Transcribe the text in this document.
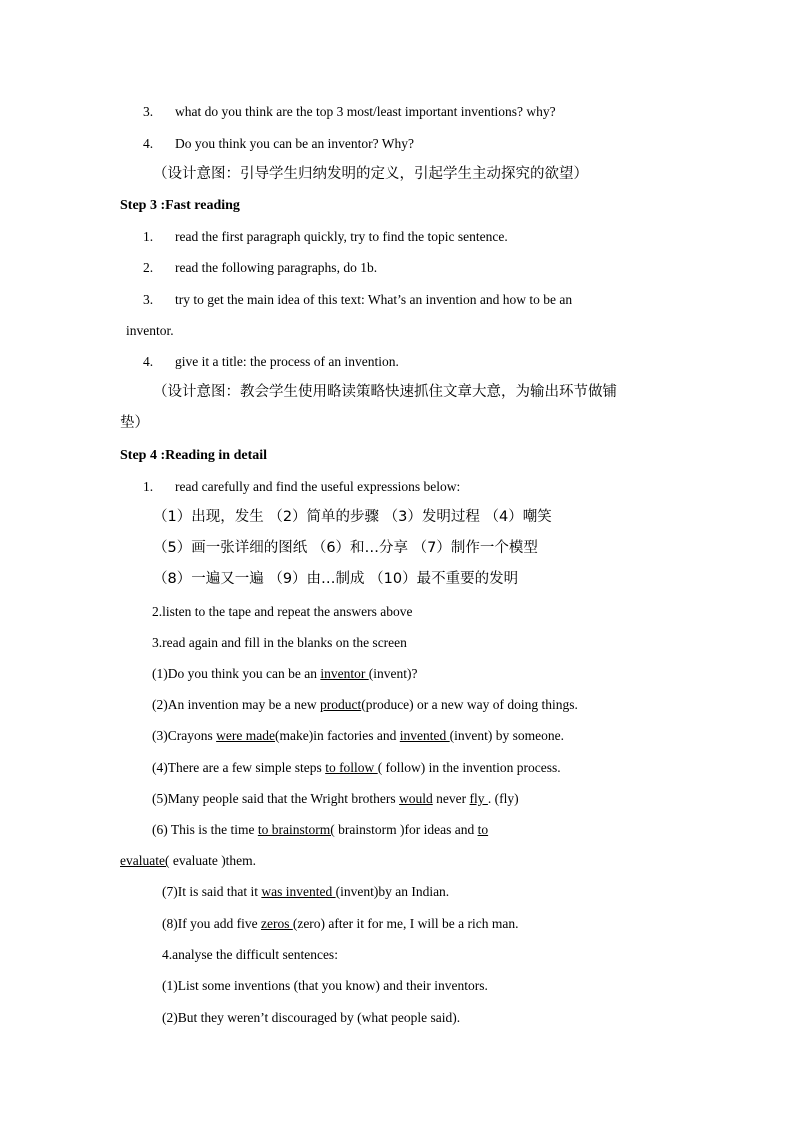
3. what do you think are the top 3 most/least important inventions? why?
4. Do you think you can be an inventor? Why?
（设计意图：引导学生归纳发明的定义，引起学生主动探究的欲望）
Step 3 :Fast reading
1. read the first paragraph quickly, try to find the topic sentence.
2. read the following paragraphs, do 1b.
3. try to get the main idea of this text: What’s an invention and how to be an
inventor.
4. give it a title: the process of an invention.
（设计意图：教会学生使用略读策略快速抓住文章大意，为输出环节做铺
垫）
Step 4 :Reading in detail
1. read carefully and find the useful expressions below:
（1）出现，发生 （2）简单的步骤 （3）发明过程 （4）嘲笑
（5）画一张详细的图纸 （6）和…分享 （7）制作一个模型
（8）一遍又一遍 （9）由…制成 （10）最不重要的发明
2.listen to the tape and repeat the answers above
3.read again and fill in the blanks on the screen
(1)Do you think you can be an inventor (invent)?
(2)An invention may be a new product(produce) or a new way of doing things.
(3)Crayons were made(make)in factories and invented (invent) by someone.
(4)There are a few simple steps to follow ( follow) in the invention process.
(5)Many people said that the Wright brothers would never fly . (fly)
(6) This is the time to brainstorm( brainstorm )for ideas and to
evaluate( evaluate )them.
(7)It is said that it was invented (invent)by an Indian.
(8)If you add five zeros (zero) after it for me, I will be a rich man.
4.analyse the difficult sentences:
(1)List some inventions (that you know) and their inventors.
(2)But they weren’t discouraged by (what people said).
